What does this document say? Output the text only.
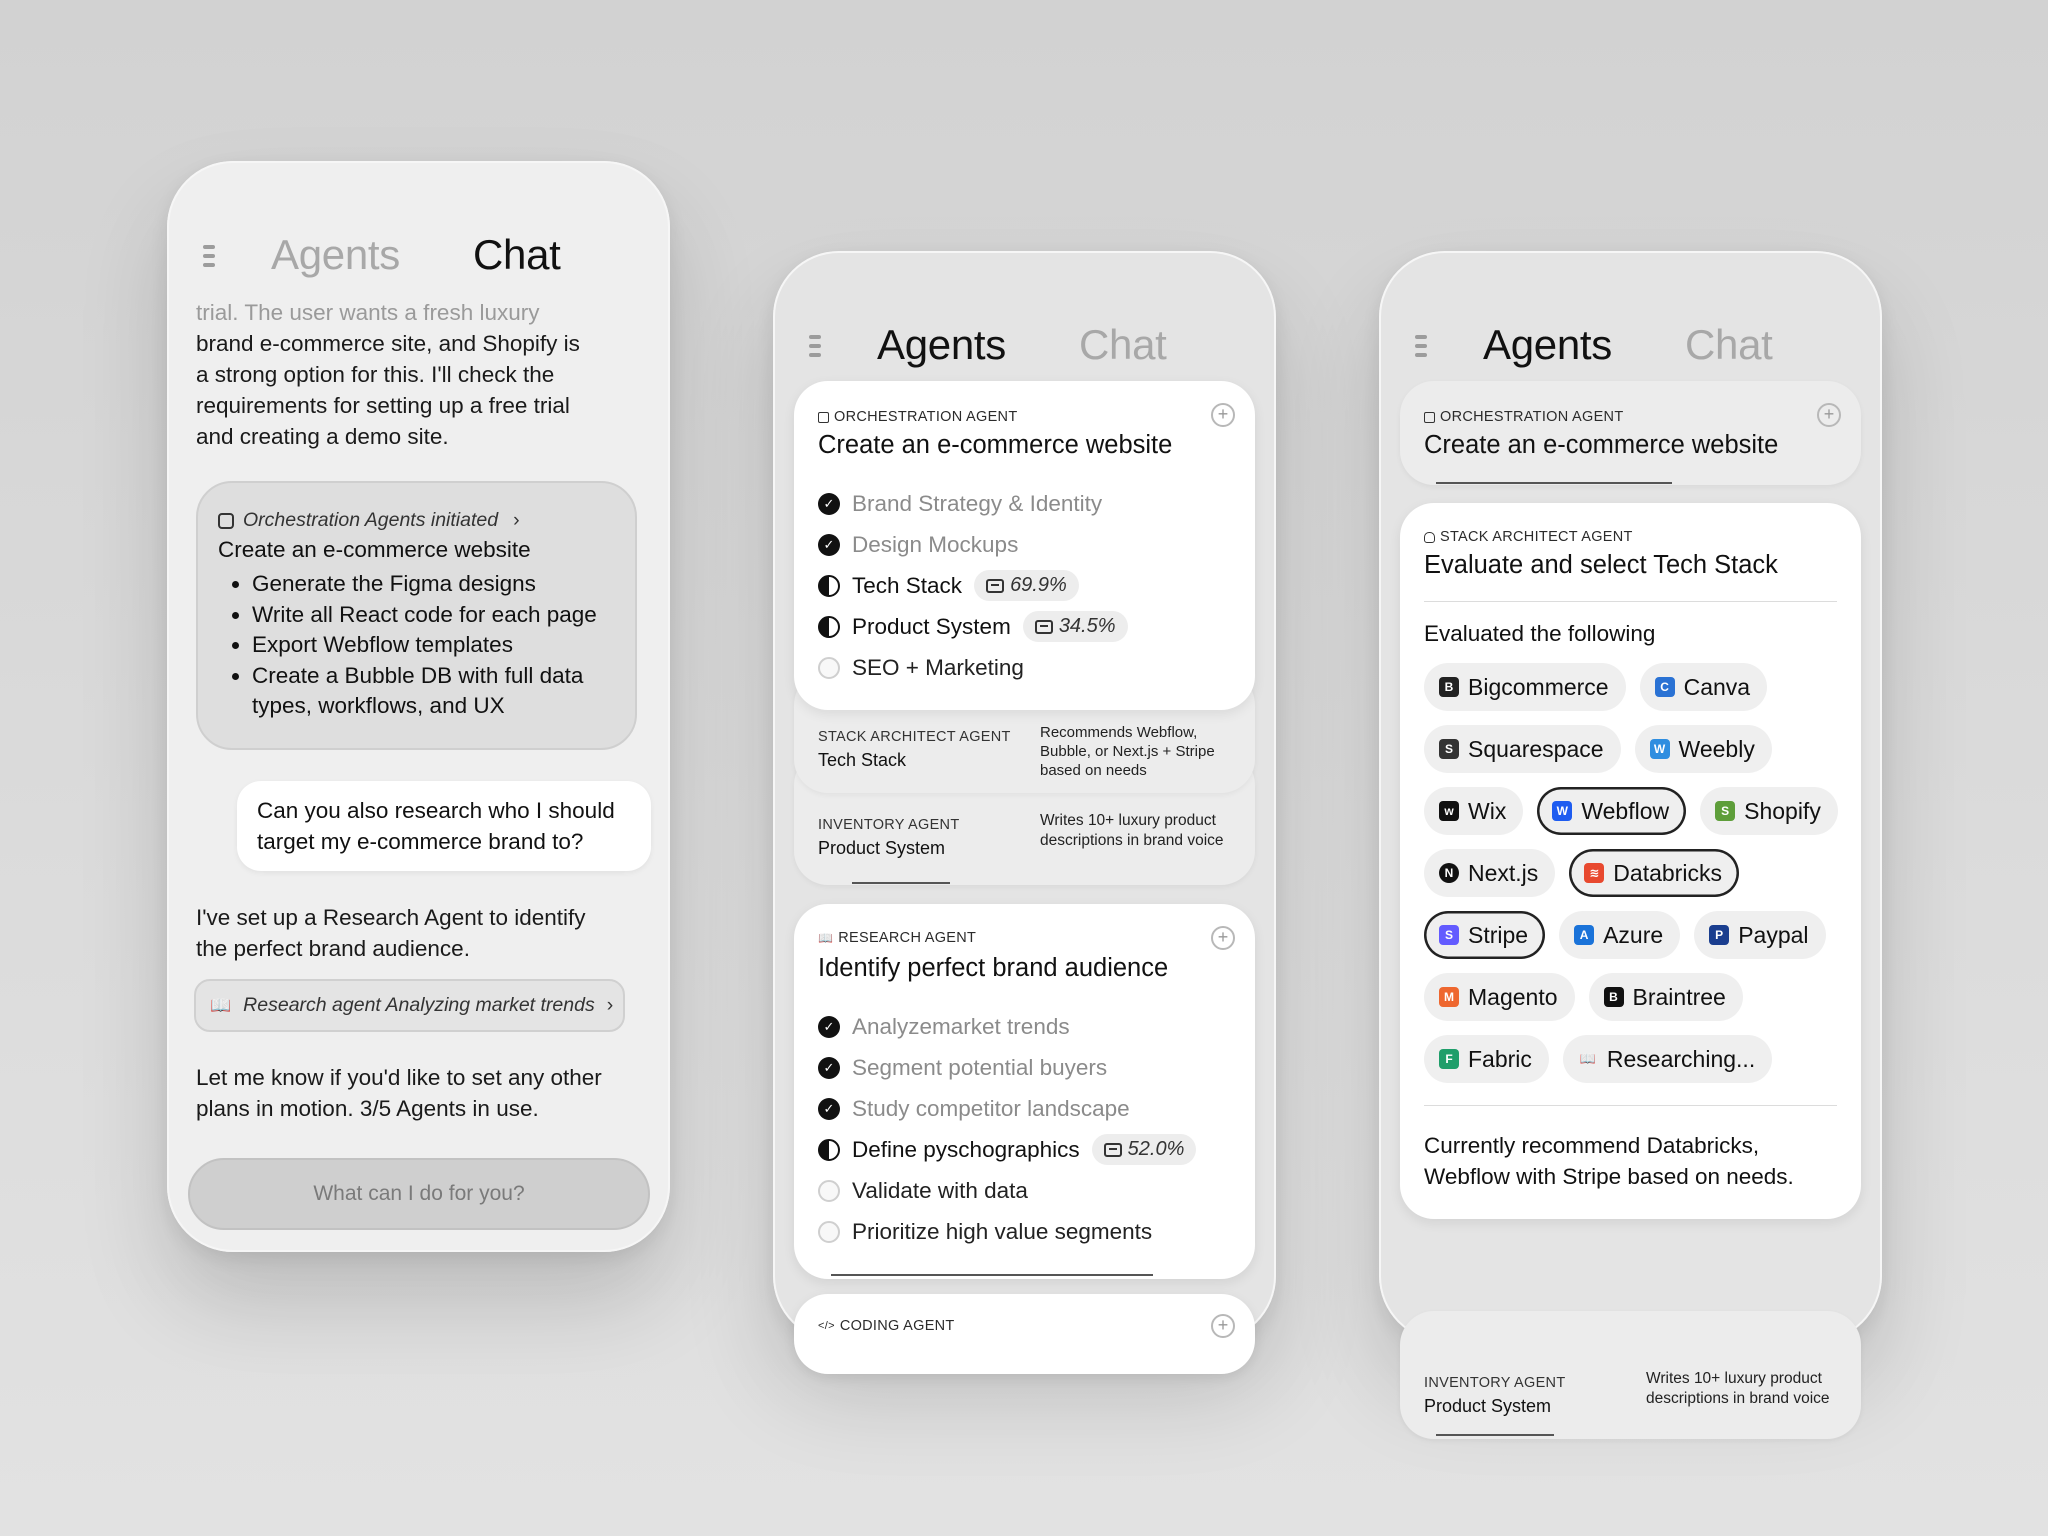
Agents Chat
trial. The user wants a fresh luxury
brand e-commerce site, and Shopify is
a strong option for this. I'll check the
requirements for setting up a free trial
and creating a demo site.
Orchestration Agents initiated ›
Create an e-commerce website
• Generate the Figma designs
• Write all React code for each page
• Export Webflow templates
• Create a Bubble DB with full data types, workflows, and UX
Can you also research who I should target my e-commerce brand to?
I've set up a Research Agent to identify the perfect brand audience.
📖 Research agent Analyzing market trends ›
Let me know if you'd like to set any other plans in motion. 3/5 Agents in use.
What can I do for you?
Agents Chat
INVENTORY AGENT
Product System
Writes 10+ luxury product descriptions in brand voice
STACK ARCHITECT AGENT
Tech Stack
Recommends Webflow, Bubble, or Next.js + Stripe based on needs
ORCHESTRATION AGENT
Create an e-commerce website
+
✓ Brand Strategy & Identity
✓ Design Mockups
Tech Stack 69.9%
Product System 34.5%
SEO + Marketing
📖 RESEARCH AGENT
Identify perfect brand audience
+
✓ Analyzemarket trends
✓ Segment potential buyers
✓ Study competitor landscape
Define pyschographics 52.0%
Validate with data
Prioritize high value segments
</> CODING AGENT	+
Agents Chat
ORCHESTRATION AGENT
Create an e-commerce website
+
INVENTORY AGENT
Product System
Writes 10+ luxury product descriptions in brand voice
STACK ARCHITECT AGENT
Evaluate and select Tech Stack
Evaluated the following
B Bigcommerce	C Canva
S Squarespace	W Weebly
w Wix	W Webflow	S Shopify
N Next.js	≋ Databricks
S Stripe	A Azure	P Paypal
M Magento	B Braintree
F Fabric	📖 Researching...
Currently recommend Databricks, Webflow with Stripe based on needs.
